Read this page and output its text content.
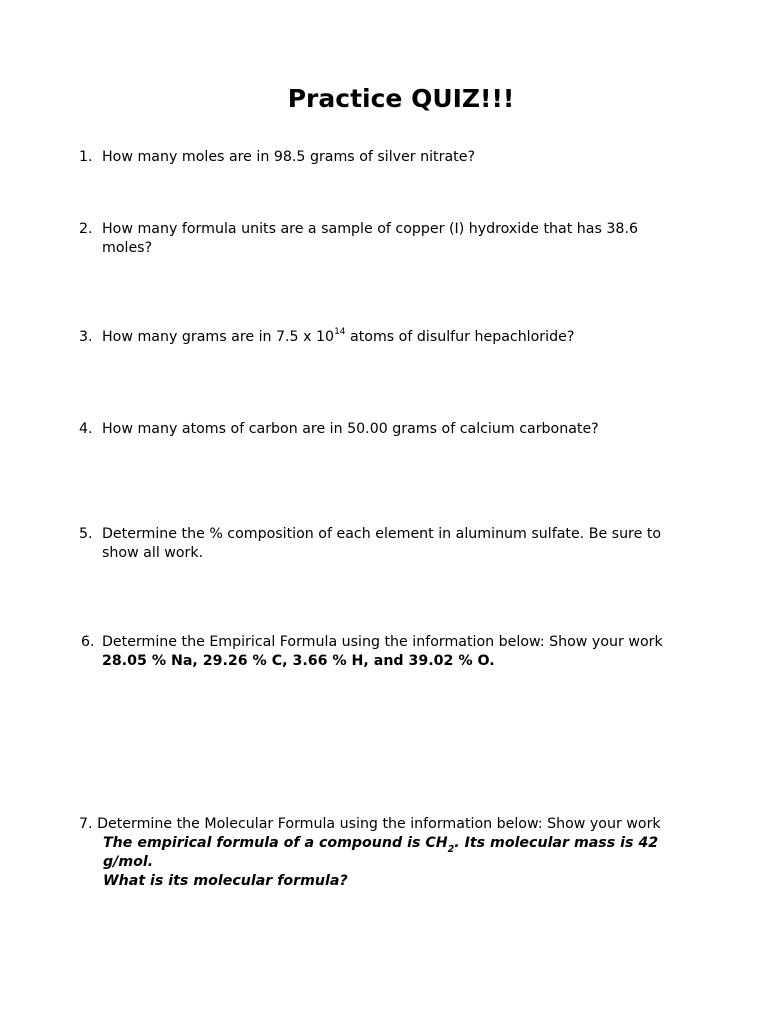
Practice QUIZ!!!
1. How many moles are in 98.5 grams of silver nitrate?
2. How many formula units are a sample of copper (I) hydroxide that has 38.6
moles?
3. How many grams are in 7.5 x $10^{14}$ atoms of disulfur hepachloride?
4. How many atoms of carbon are in 50.00 grams of calcium carbonate?
5. Determine the % composition of each element in aluminum sulfate. Be sure to
show all work.
6. Determine the Empirical Formula using the information below: Show your work
28.05 % Na, 29.26 % C, 3.66 % H, and 39.02 % O.
7. Determine the Molecular Formula using the information below: Show your work
The empirical formula of a compound is $CH_2$. Its molecular mass is 42
g/mol.
What is its molecular formula?
